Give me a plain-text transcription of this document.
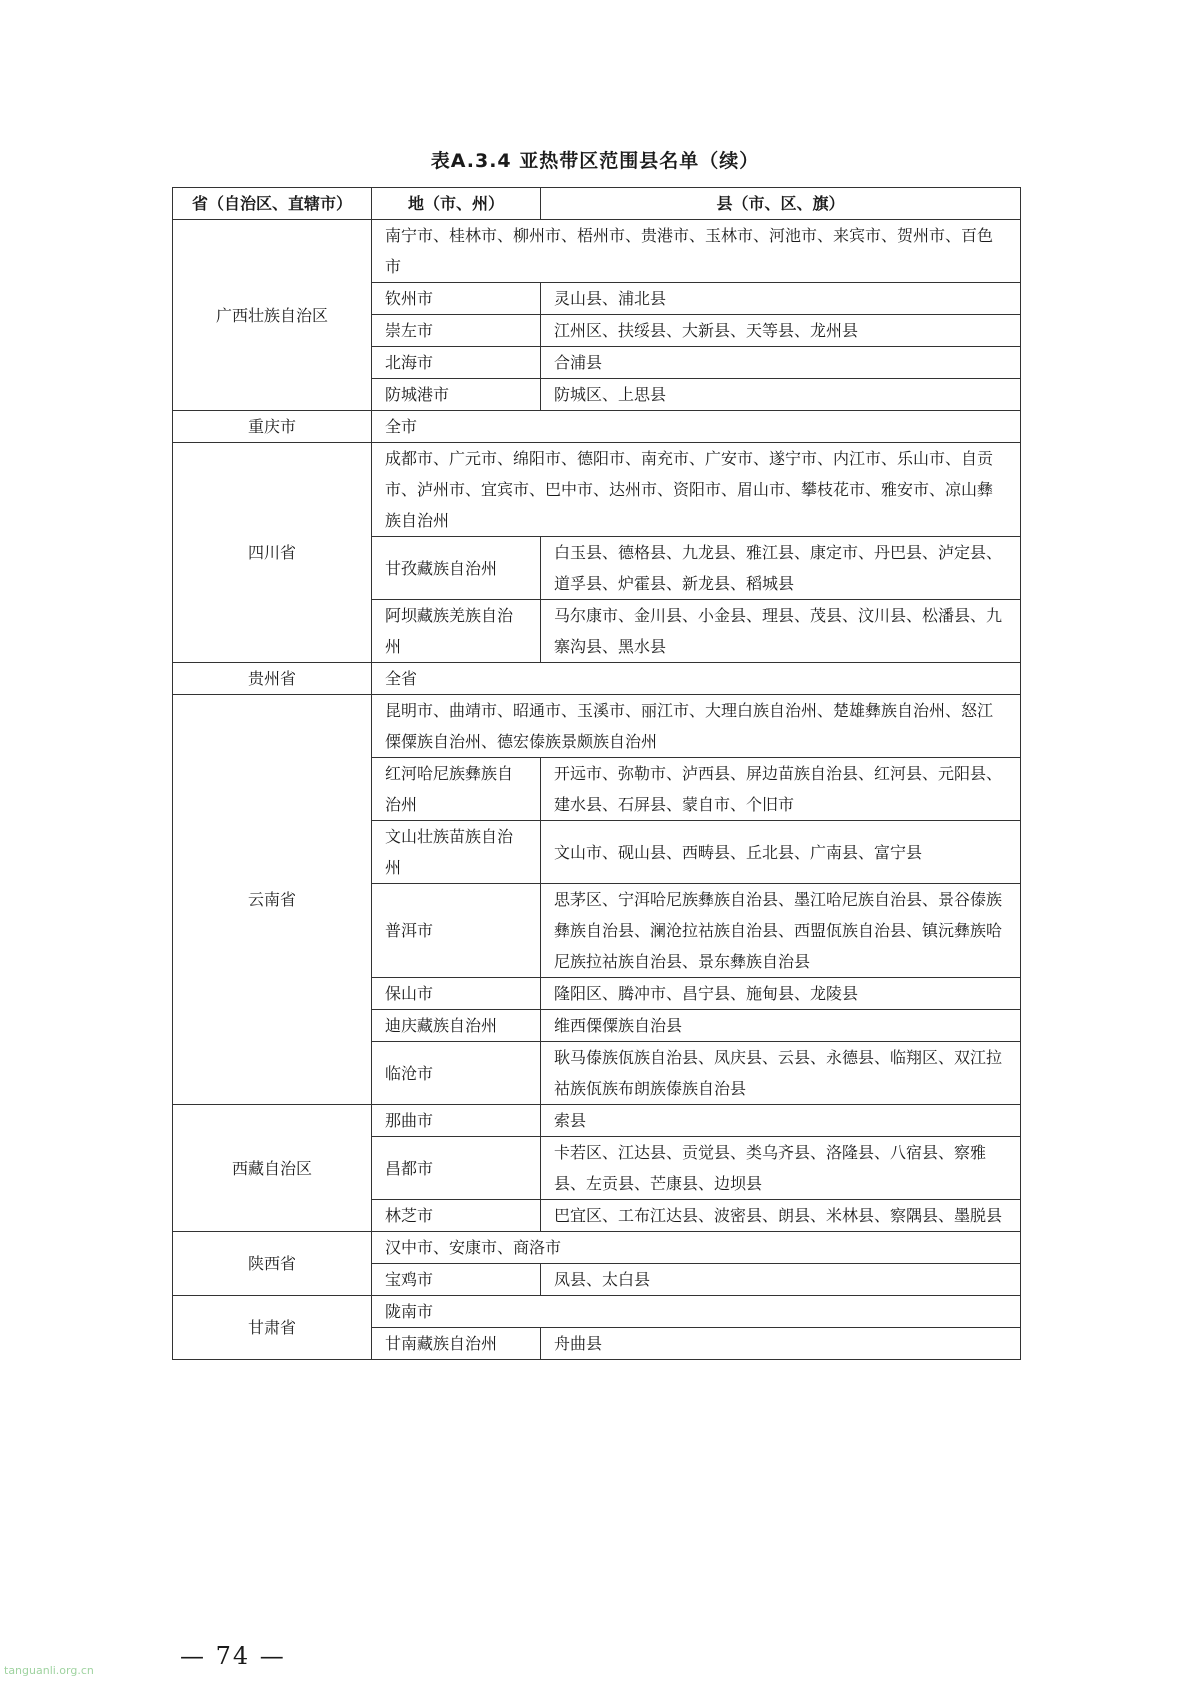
表A.3.4 亚热带区范围县名单（续）
省（自治区、直辖市）	地（市、州）	县（市、区、旗）
广西壮族自治区	南宁市、桂林市、柳州市、梧州市、贵港市、玉林市、河池市、来宾市、贺州市、百色市	
	钦州市	灵山县、浦北县
	崇左市	江州区、扶绥县、大新县、天等县、龙州县
	北海市	合浦县
	防城港市	防城区、上思县
重庆市	全市	
四川省	成都市、广元市、绵阳市、德阳市、南充市、广安市、遂宁市、内江市、乐山市、自贡市、泸州市、宜宾市、巴中市、达州市、资阳市、眉山市、攀枝花市、雅安市、凉山彝族自治州	
	甘孜藏族自治州	白玉县、德格县、九龙县、雅江县、康定市、丹巴县、泸定县、道孚县、炉霍县、新龙县、稻城县
	阿坝藏族羌族自治州	马尔康市、金川县、小金县、理县、茂县、汶川县、松潘县、九寨沟县、黑水县
贵州省	全省	
云南省	昆明市、曲靖市、昭通市、玉溪市、丽江市、大理白族自治州、楚雄彝族自治州、怒江傈僳族自治州、德宏傣族景颇族自治州	
	红河哈尼族彝族自治州	开远市、弥勒市、泸西县、屏边苗族自治县、红河县、元阳县、建水县、石屏县、蒙自市、个旧市
	文山壮族苗族自治州	文山市、砚山县、西畴县、丘北县、广南县、富宁县
	普洱市	思茅区、宁洱哈尼族彝族自治县、墨江哈尼族自治县、景谷傣族彝族自治县、澜沧拉祜族自治县、西盟佤族自治县、镇沅彝族哈尼族拉祜族自治县、景东彝族自治县
	保山市	隆阳区、腾冲市、昌宁县、施甸县、龙陵县
	迪庆藏族自治州	维西傈僳族自治县
	临沧市	耿马傣族佤族自治县、凤庆县、云县、永德县、临翔区、双江拉祜族佤族布朗族傣族自治县
西藏自治区	那曲市	索县
	昌都市	卡若区、江达县、贡觉县、类乌齐县、洛隆县、八宿县、察雅县、左贡县、芒康县、边坝县
	林芝市	巴宜区、工布江达县、波密县、朗县、米林县、察隅县、墨脱县
陕西省	汉中市、安康市、商洛市	
	宝鸡市	凤县、太白县
甘肃省	陇南市	
	甘南藏族自治州	舟曲县
— 74 —
tanguanli.org.cn
